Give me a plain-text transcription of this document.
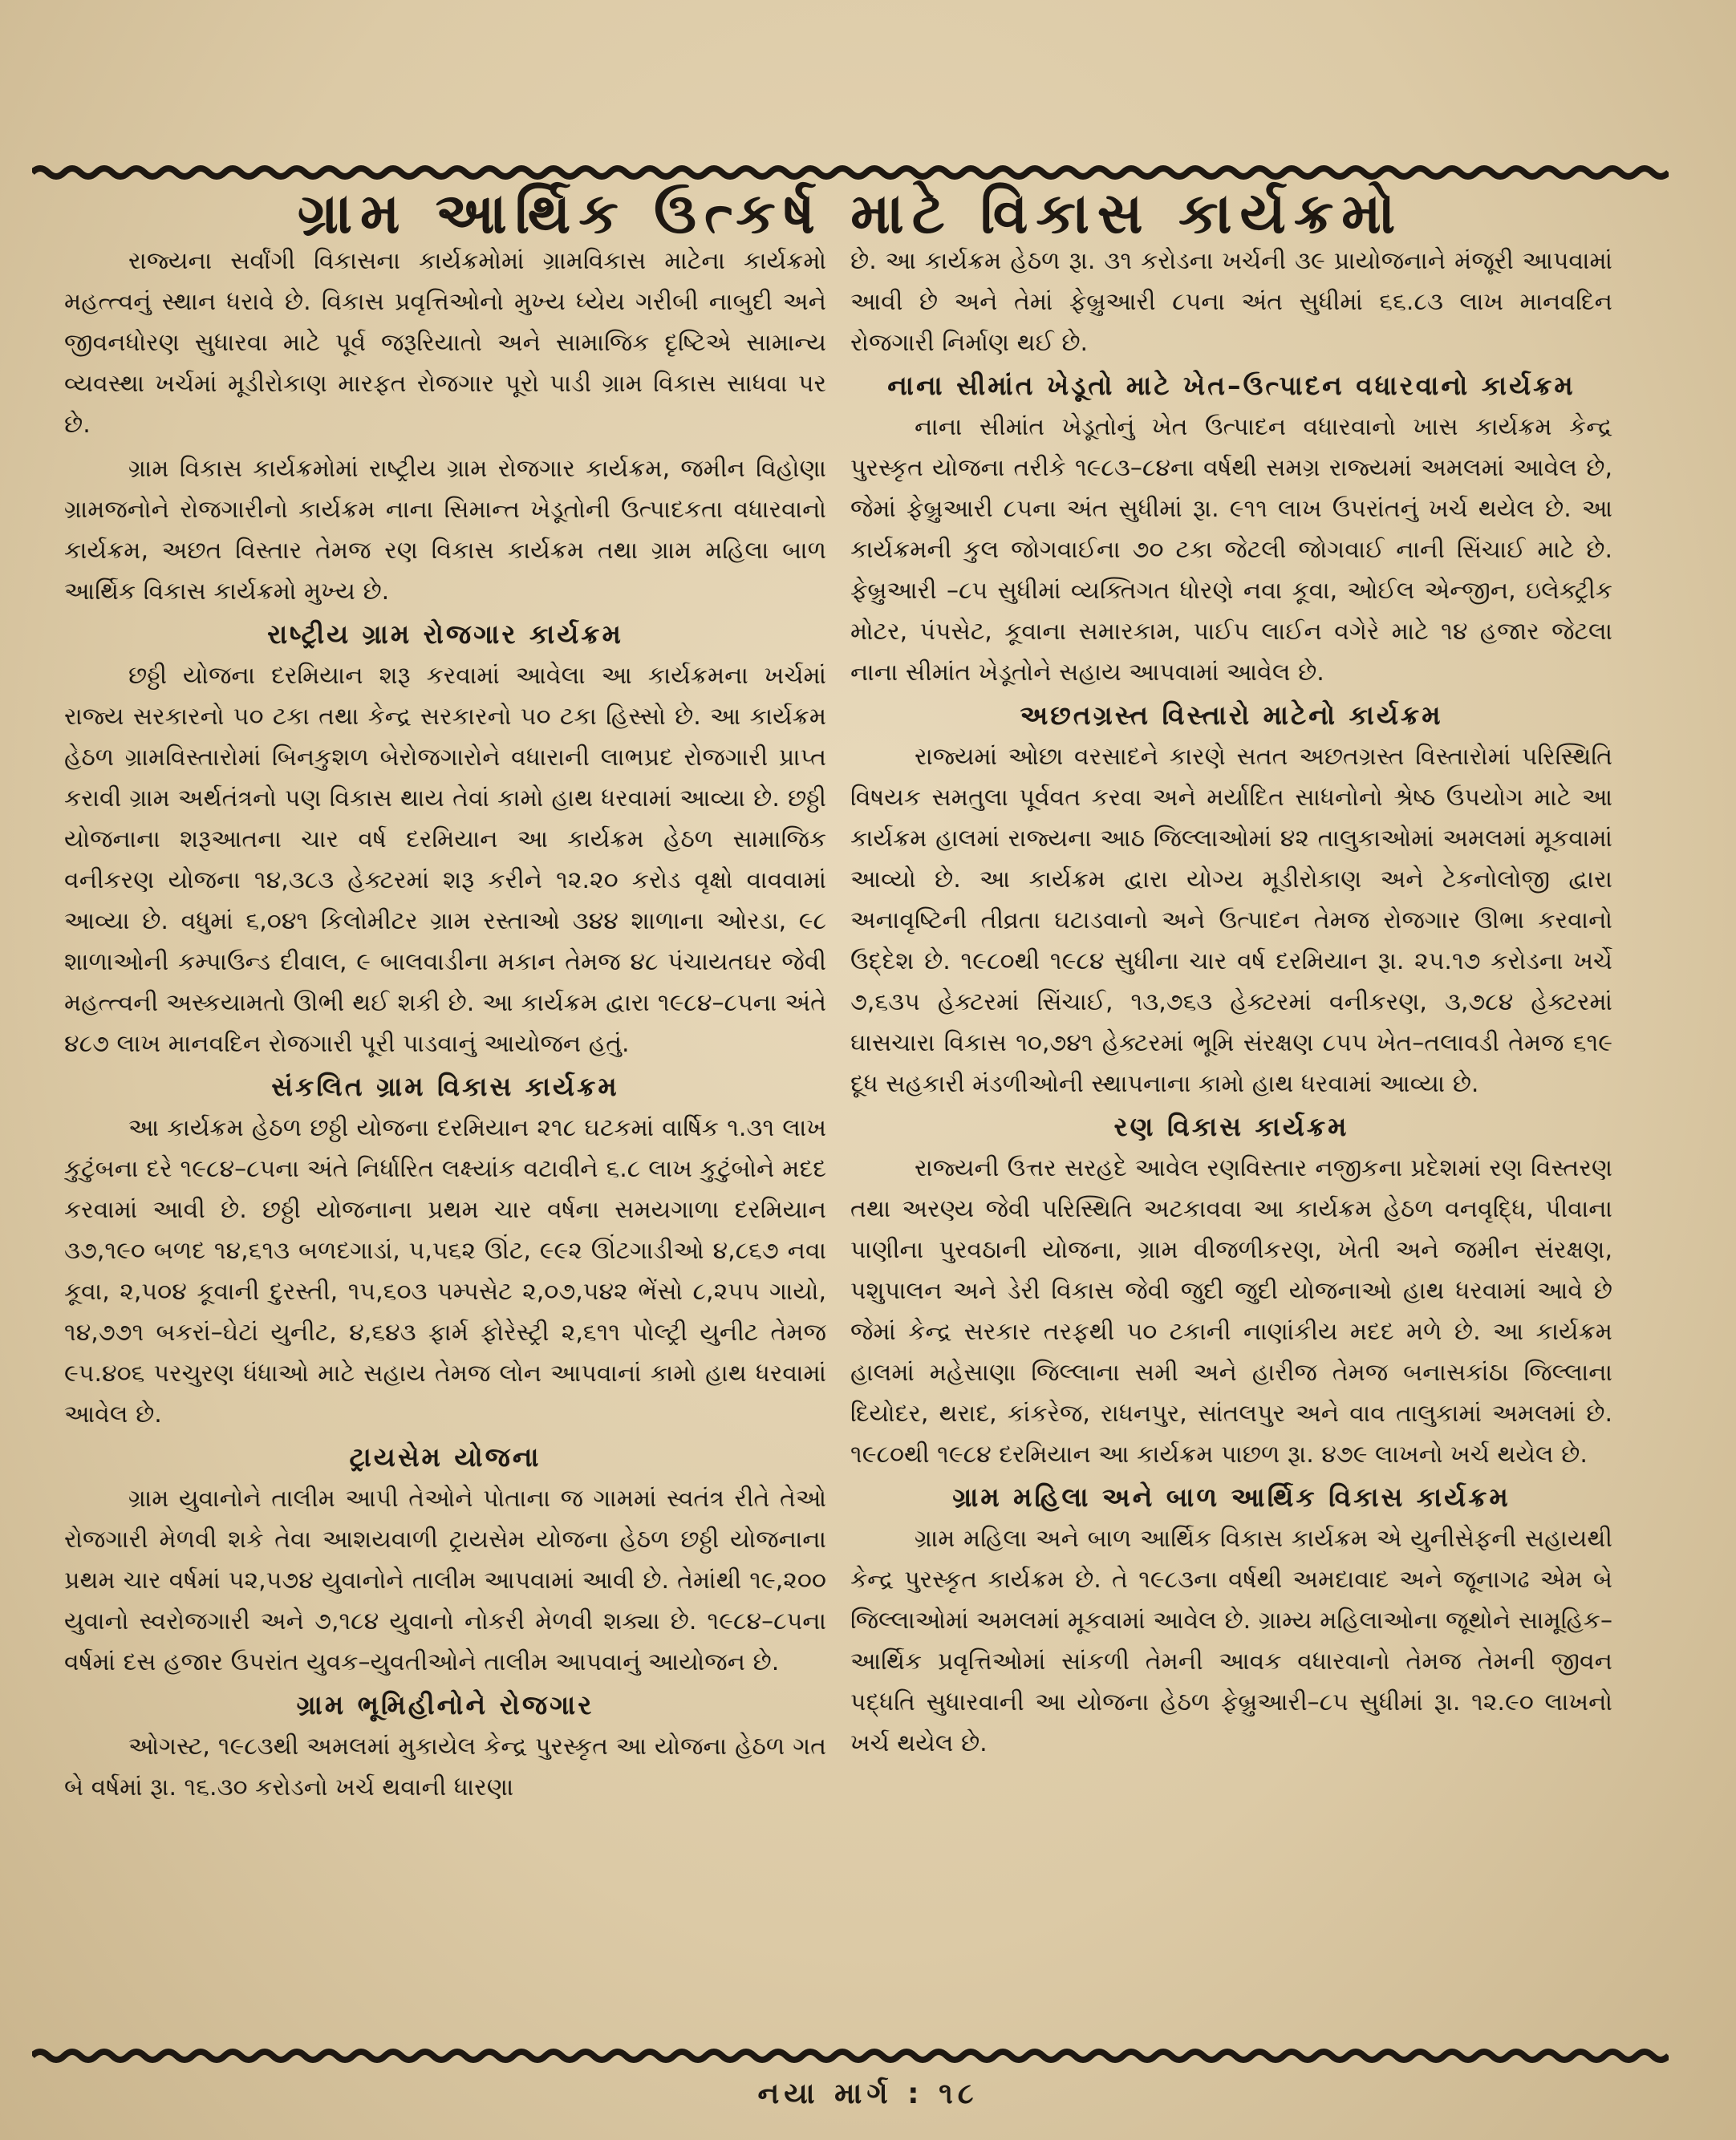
ગ્રામ આર્થિક ઉત્કર્ષ માટે વિકાસ કાર્યક્રમો

રાજ્યના સર્વાંગી વિકાસના કાર્યક્રમોમાં ગ્રામવિકાસ માટેના કાર્યક્રમો મહત્ત્વનું સ્થાન ધરાવે છે. વિકાસ પ્રવૃત્તિઓનો મુખ્ય ધ્યેય ગરીબી નાબુદી અને જીવનધોરણ સુધારવા માટે પૂર્વ જરૂરિયાતો અને સામાજિક દૃષ્ટિએ સામાન્ય વ્યવસ્થા ખર્ચમાં મૂડીરોકાણ મારફત રોજગાર પૂરો પાડી ગ્રામ વિકાસ સાધવા પર છે.

ગ્રામ વિકાસ કાર્યક્રમોમાં રાષ્ટ્રીય ગ્રામ રોજગાર કાર્યક્રમ, જમીન વિહોણા ગ્રામજનોને રોજગારીનો કાર્યક્રમ નાના સિમાન્ત ખેડૂતોની ઉત્પાદકતા વધારવાનો કાર્યક્રમ, અછત વિસ્તાર તેમજ રણ વિકાસ કાર્યક્રમ તથા ગ્રામ મહિલા બાળ આર્થિક વિકાસ કાર્યક્રમો મુખ્ય છે.

રાષ્ટ્રીય ગ્રામ રોજગાર કાર્યક્રમ

છઠ્ઠી યોજના દરમિયાન શરૂ કરવામાં આવેલા આ કાર્યક્રમના ખર્ચમાં રાજ્ય સરકારનો ૫૦ ટકા તથા કેન્દ્ર સરકારનો ૫૦ ટકા હિસ્સો છે. આ કાર્યક્રમ હેઠળ ગ્રામવિસ્તારોમાં બિનકુશળ બેરોજગારોને વધારાની લાભપ્રદ રોજગારી પ્રાપ્ત કરાવી ગ્રામ અર્થતંત્રનો પણ વિકાસ થાય તેવાં કામો હાથ ધરવામાં આવ્યા છે. છઠ્ઠી યોજનાના શરૂઆતના ચાર વર્ષ દરમિયાન આ કાર્યક્રમ હેઠળ સામાજિક વનીકરણ યોજના ૧૪,૩૮૩ હેક્ટરમાં શરૂ કરીને ૧૨.૨૦ કરોડ વૃક્ષો વાવવામાં આવ્યા છે. વધુમાં ૬,૦૪૧ કિલોમીટર ગ્રામ રસ્તાઓ ૩૪૪ શાળાના ઓરડા, ૯૮ શાળાઓની કમ્પાઉન્ડ દીવાલ, ૯ બાલવાડીના મકાન તેમજ ૪૮ પંચાયતઘર જેવી મહત્ત્વની અસ્કયામતો ઊભી થઈ શકી છે. આ કાર્યક્રમ દ્વારા ૧૯૮૪–૮૫ના અંતે ૪૮૭ લાખ માનવદિન રોજગારી પૂરી પાડવાનું આયોજન હતું.

સંકલિત ગ્રામ વિકાસ કાર્યક્રમ

આ કાર્યક્રમ હેઠળ છઠ્ઠી યોજના દરમિયાન ૨૧૮ ઘટકમાં વાર્ષિક ૧.૩૧ લાખ કુટુંબના દરે ૧૯૮૪–૮૫ના અંતે નિર્ધારિત લક્ષ્યાંક વટાવીને ૬.૮ લાખ કુટુંબોને મદદ કરવામાં આવી છે. છઠ્ઠી યોજનાના પ્રથમ ચાર વર્ષના સમયગાળા દરમિયાન ૩૭,૧૯૦ બળદ ૧૪,૬૧૩ બળદગાડાં, ૫,૫૬૨ ઊંટ, ૯૯૨ ઊંટગાડીઓ ૪,૮૬૭ નવા કૂવા, ૨,૫૦૪ કૂવાની દુરસ્તી, ૧૫,૬૦૩ પમ્પસેટ ૨,૦૭,૫૪૨ ભેંસો ૮,૨૫૫ ગાયો, ૧૪,૭૭૧ બકરાં–ઘેટાં યુનીટ, ૪,૬૪૩ ફાર્મ ફોરેસ્ટ્રી ૨,૬૧૧ પોલ્ટ્રી યુનીટ તેમજ ૯૫.૪૦૬ પરચુરણ ધંધાઓ માટે સહાય તેમજ લોન આપવાનાં કામો હાથ ધરવામાં આવેલ છે.

ટ્રાયસેમ યોજના

ગ્રામ યુવાનોને તાલીમ આપી તેઓને પોતાના જ ગામમાં સ્વતંત્ર રીતે તેઓ રોજગારી મેળવી શકે તેવા આશયવાળી ટ્રાયસેમ યોજના હેઠળ છઠ્ઠી યોજનાના પ્રથમ ચાર વર્ષમાં ૫૨,૫૭૪ યુવાનોને તાલીમ આપવામાં આવી છે. તેમાંથી ૧૯,૨૦૦ યુવાનો સ્વરોજગારી અને ૭,૧૮૪ યુવાનો નોકરી મેળવી શક્યા છે. ૧૯૮૪–૮૫ના વર્ષમાં દસ હજાર ઉપરાંત યુવક–યુવતીઓને તાલીમ આપવાનું આયોજન છે.

ગ્રામ ભૂમિહીનોને રોજગાર

ઓગસ્ટ, ૧૯૮૩થી અમલમાં મુકાયેલ કેન્દ્ર પુરસ્કૃત આ યોજના હેઠળ ગત બે વર્ષમાં રૂા. ૧૬.૩૦ કરોડનો ખર્ચ થવાની ધારણા

છે. આ કાર્યક્રમ હેઠળ રૂા. ૩૧ કરોડના ખર્ચની ૩૯ પ્રાયોજનાને મંજૂરી આપવામાં આવી છે અને તેમાં ફેબ્રુઆરી ૮૫ના અંત સુધીમાં ૬૬.૮૩ લાખ માનવદિન રોજગારી નિર્માણ થઈ છે.

નાના સીમાંત ખેડૂતો માટે ખેત–ઉત્પાદન વધારવાનો કાર્યક્રમ

નાના સીમાંત ખેડૂતોનું ખેત ઉત્પાદન વધારવાનો ખાસ કાર્યક્રમ કેન્દ્ર પુરસ્કૃત યોજના તરીકે ૧૯૮૩–૮૪ના વર્ષથી સમગ્ર રાજ્યમાં અમલમાં આવેલ છે, જેમાં ફેબ્રુઆરી ૮૫ના અંત સુધીમાં રૂા. ૯૧૧ લાખ ઉપરાંતનું ખર્ચ થયેલ છે. આ કાર્યક્રમની કુલ જોગવાઈના ૭૦ ટકા જેટલી જોગવાઈ નાની સિંચાઈ માટે છે. ફેબ્રુઆરી –૮૫ સુધીમાં વ્યક્તિગત ધોરણે નવા કૂવા, ઓઈલ એન્જીન, ઇલેક્ટ્રીક મોટર, પંપસેટ, કૂવાના સમારકામ, પાઈપ લાઈન વગેરે માટે ૧૪ હજાર જેટલા નાના સીમાંત ખેડૂતોને સહાય આપવામાં આવેલ છે.

અછતગ્રસ્ત વિસ્તારો માટેનો કાર્યક્રમ

રાજ્યમાં ઓછા વરસાદને કારણે સતત અછતગ્રસ્ત વિસ્તારોમાં પરિસ્થિતિ વિષયક સમતુલા પૂર્વવત કરવા અને મર્યાદિત સાધનોનો શ્રેષ્ઠ ઉપયોગ માટે આ કાર્યક્રમ હાલમાં રાજ્યના આઠ જિલ્લાઓમાં ૪૨ તાલુકાઓમાં અમલમાં મૂકવામાં આવ્યો છે. આ કાર્યક્રમ દ્વારા યોગ્ય મૂડીરોકાણ અને ટેકનોલોજી દ્વારા અનાવૃષ્ટિની તીવ્રતા ઘટાડવાનો અને ઉત્પાદન તેમજ રોજગાર ઊભા કરવાનો ઉદ્દેશ છે. ૧૯૮૦થી ૧૯૮૪ સુધીના ચાર વર્ષ દરમિયાન રૂા. ૨૫.૧૭ કરોડના ખર્ચે ૭,૬૩૫ હેક્ટરમાં સિંચાઈ, ૧૩,૭૬૩ હેક્ટરમાં વનીકરણ, ૩,૭૮૪ હેક્ટરમાં ઘાસચારા વિકાસ ૧૦,૭૪૧ હેક્ટરમાં ભૂમિ સંરક્ષણ ૮૫૫ ખેત–તલાવડી તેમજ ૬૧૯ દૂધ સહકારી મંડળીઓની સ્થાપનાના કામો હાથ ધરવામાં આવ્યા છે.

રણ વિકાસ કાર્યક્રમ

રાજ્યની ઉત્તર સરહદે આવેલ રણવિસ્તાર નજીકના પ્રદેશમાં રણ વિસ્તરણ તથા અરણ્ય જેવી પરિસ્થિતિ અટકાવવા આ કાર્યક્રમ હેઠળ વનવૃદ્ધિ, પીવાના પાણીના પુરવઠાની યોજના, ગ્રામ વીજળીકરણ, ખેતી અને જમીન સંરક્ષણ, પશુપાલન અને ડેરી વિકાસ જેવી જુદી જુદી યોજનાઓ હાથ ધરવામાં આવે છે જેમાં કેન્દ્ર સરકાર તરફથી ૫૦ ટકાની નાણાંકીય મદદ મળે છે. આ કાર્યક્રમ હાલમાં મહેસાણા જિલ્લાના સમી અને હારીજ તેમજ બનાસકાંઠા જિલ્લાના દિયોદર, થરાદ, કાંકરેજ, રાધનપુર, સાંતલપુર અને વાવ તાલુકામાં અમલમાં છે. ૧૯૮૦થી ૧૯૮૪ દરમિયાન આ કાર્યક્રમ પાછળ રૂા. ૪૭૯ લાખનો ખર્ચ થયેલ છે.

ગ્રામ મહિલા અને બાળ આર્થિક વિકાસ કાર્યક્રમ

ગ્રામ મહિલા અને બાળ આર્થિક વિકાસ કાર્યક્રમ એ યુનીસેફની સહાયથી કેન્દ્ર પુરસ્કૃત કાર્યક્રમ છે. તે ૧૯૮૩ના વર્ષથી અમદાવાદ અને જૂનાગઢ એમ બે જિલ્લાઓમાં અમલમાં મૂકવામાં આવેલ છે. ગ્રામ્ય મહિલાઓના જૂથોને સામૂહિક–આર્થિક પ્રવૃત્તિઓમાં સાંકળી તેમની આવક વધારવાનો તેમજ તેમની જીવન પદ્ધતિ સુધારવાની આ યોજના હેઠળ ફેબ્રુઆરી–૮૫ સુધીમાં રૂા. ૧૨.૯૦ લાખનો ખર્ચ થયેલ છે.

નયા માર્ગ : ૧૮
